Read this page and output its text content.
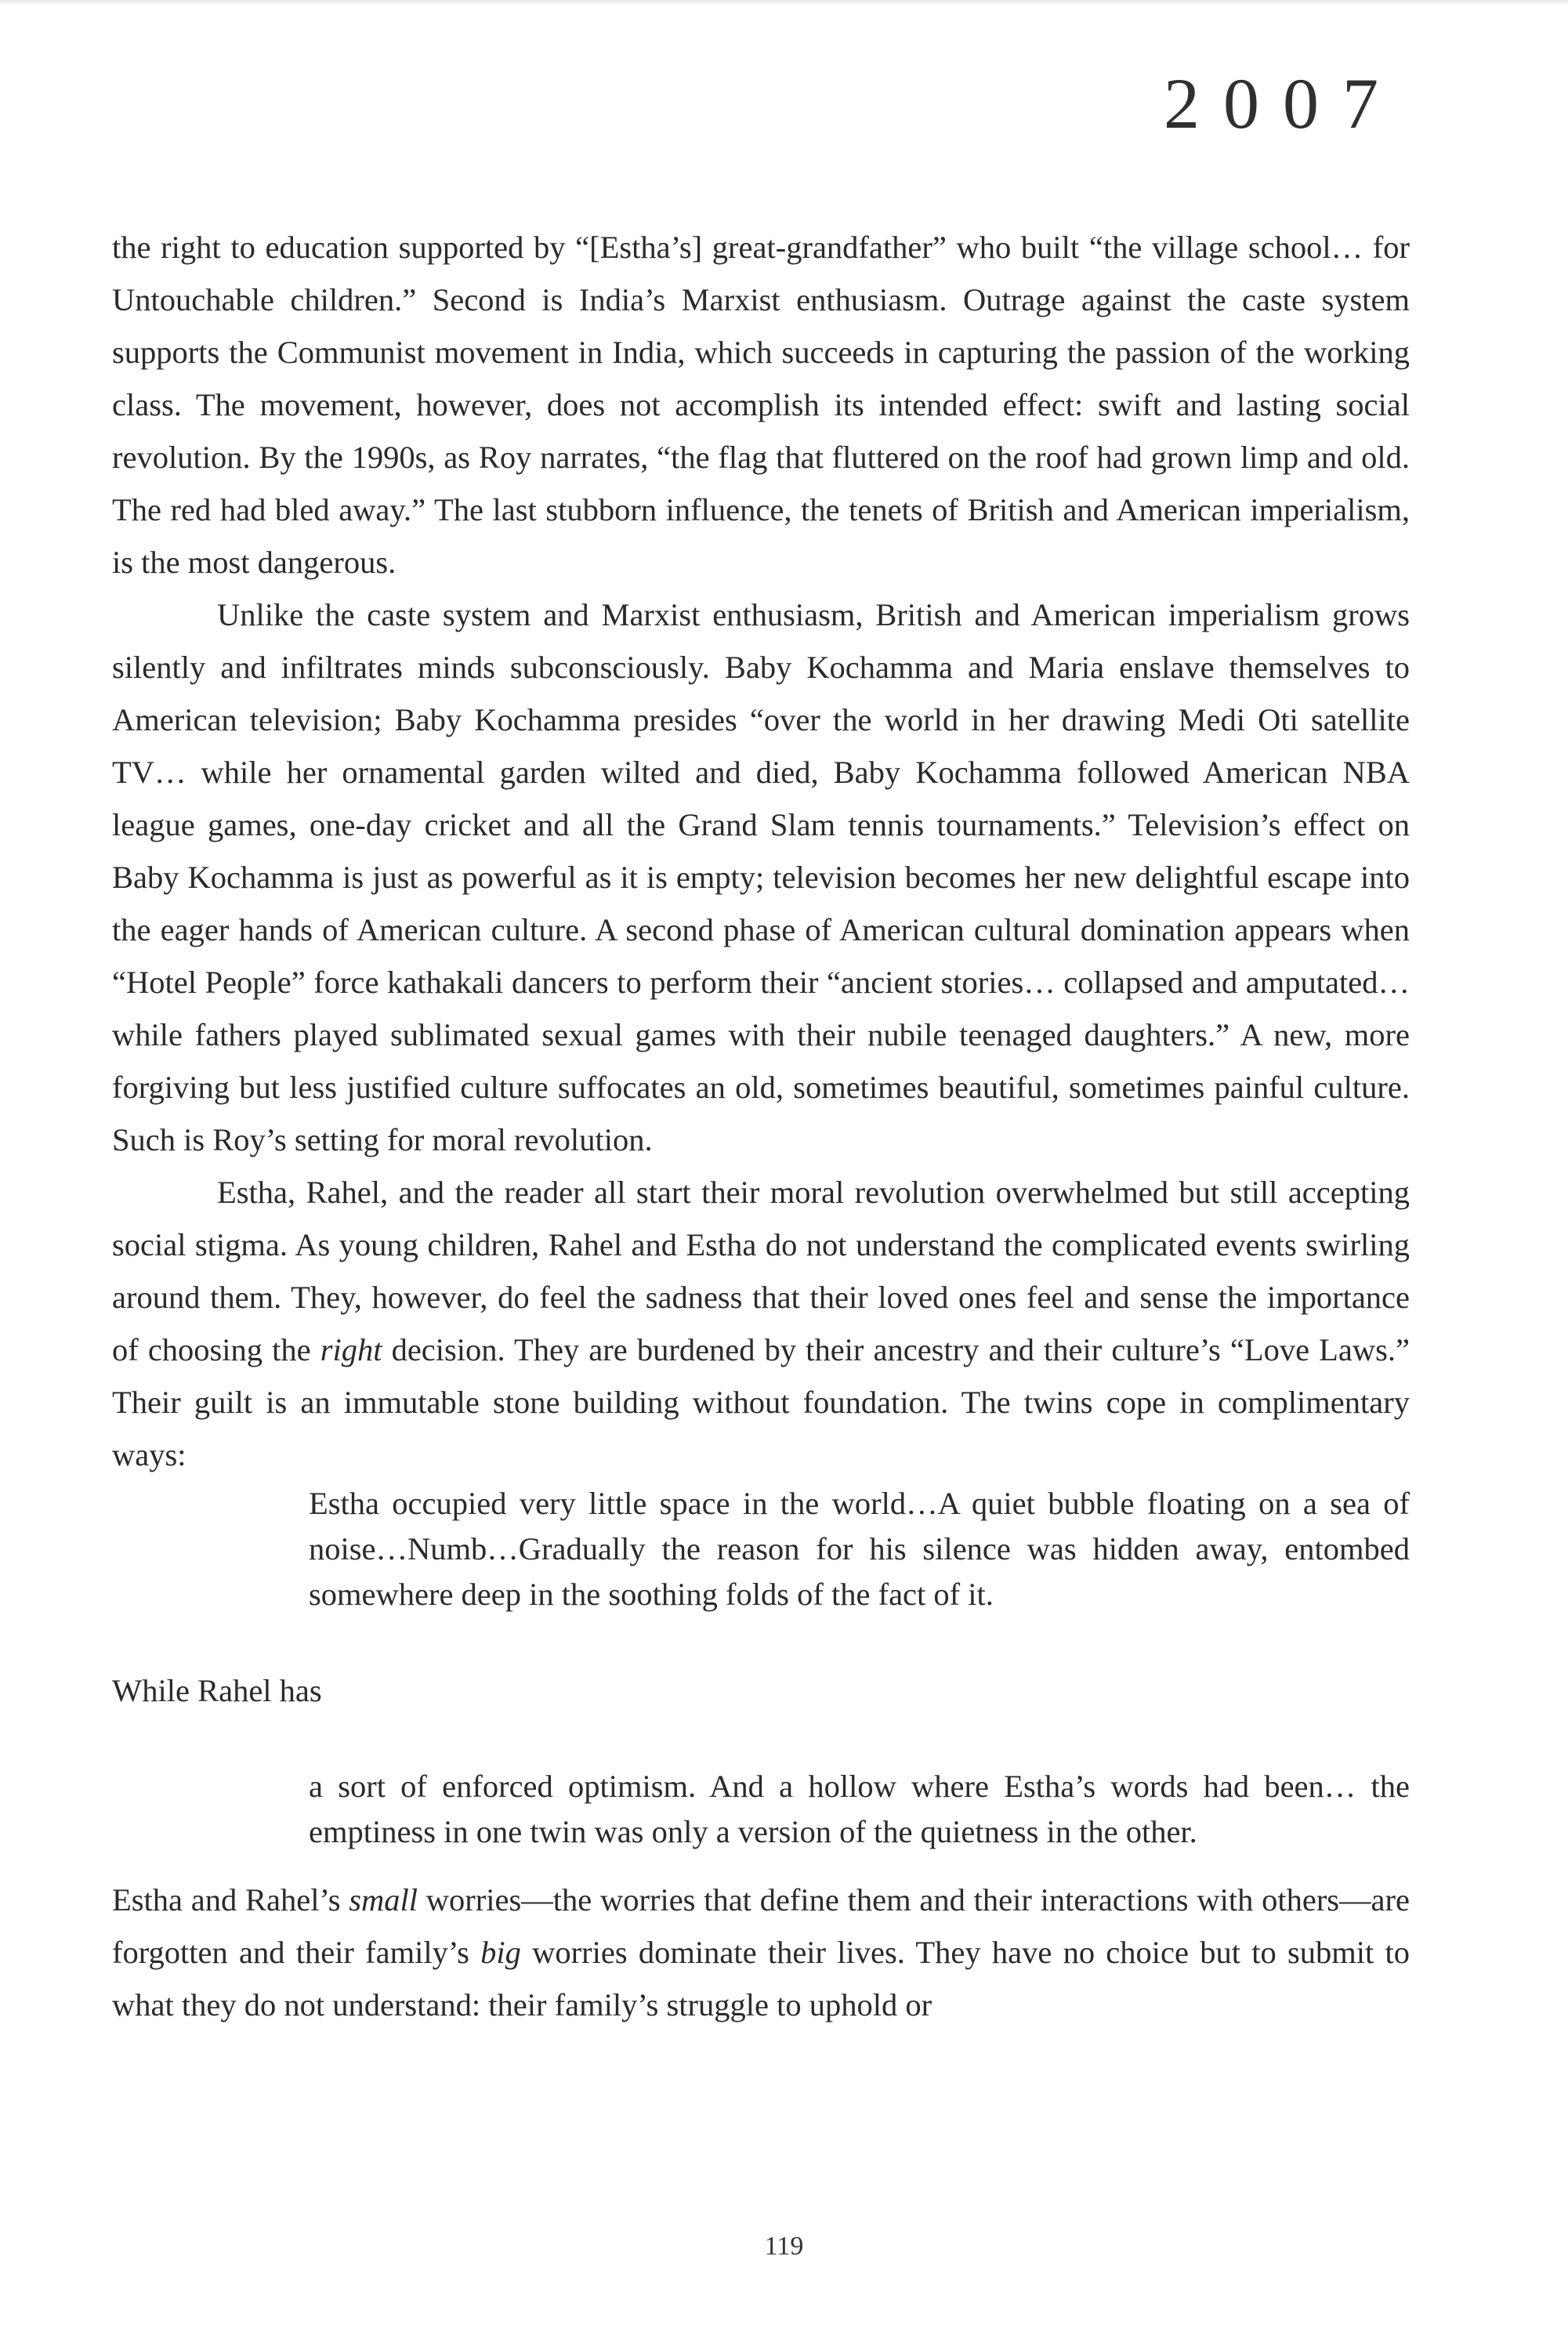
2007

the right to education supported by “[Estha’s] great-grandfather” who built “the village school… for Untouchable children.” Second is India’s Marxist enthusiasm. Outrage against the caste system supports the Communist movement in India, which succeeds in capturing the passion of the working class. The movement, however, does not accomplish its intended effect: swift and lasting social revolution. By the 1990s, as Roy narrates, “the flag that fluttered on the roof had grown limp and old. The red had bled away.” The last stubborn influence, the tenets of British and American imperialism, is the most dangerous.

Unlike the caste system and Marxist enthusiasm, British and American imperialism grows silently and infiltrates minds subconsciously. Baby Kochamma and Maria enslave themselves to American television; Baby Kochamma presides “over the world in her drawing Medi Oti satellite TV… while her ornamental garden wilted and died, Baby Kochamma followed American NBA league games, one-day cricket and all the Grand Slam tennis tournaments.” Television’s effect on Baby Kochamma is just as powerful as it is empty; television becomes her new delightful escape into the eager hands of American culture. A second phase of American cultural domination appears when “Hotel People” force kathakali dancers to perform their “ancient stories… collapsed and amputated… while fathers played sublimated sexual games with their nubile teenaged daughters.” A new, more forgiving but less justified culture suffocates an old, sometimes beautiful, sometimes painful culture. Such is Roy’s setting for moral revolution.

Estha, Rahel, and the reader all start their moral revolution overwhelmed but still accepting social stigma. As young children, Rahel and Estha do not understand the complicated events swirling around them. They, however, do feel the sadness that their loved ones feel and sense the importance of choosing the right decision. They are burdened by their ancestry and their culture’s “Love Laws.” Their guilt is an immutable stone building without foundation. The twins cope in complimentary ways:

Estha occupied very little space in the world…A quiet bubble floating on a sea of noise…Numb…Gradually the reason for his silence was hidden away, entombed somewhere deep in the soothing folds of the fact of it.

While Rahel has

a sort of enforced optimism. And a hollow where Estha’s words had been… the emptiness in one twin was only a version of the quietness in the other.

Estha and Rahel’s small worries—the worries that define them and their interactions with others—are forgotten and their family’s big worries dominate their lives. They have no choice but to submit to what they do not understand: their family’s struggle to uphold or

119
